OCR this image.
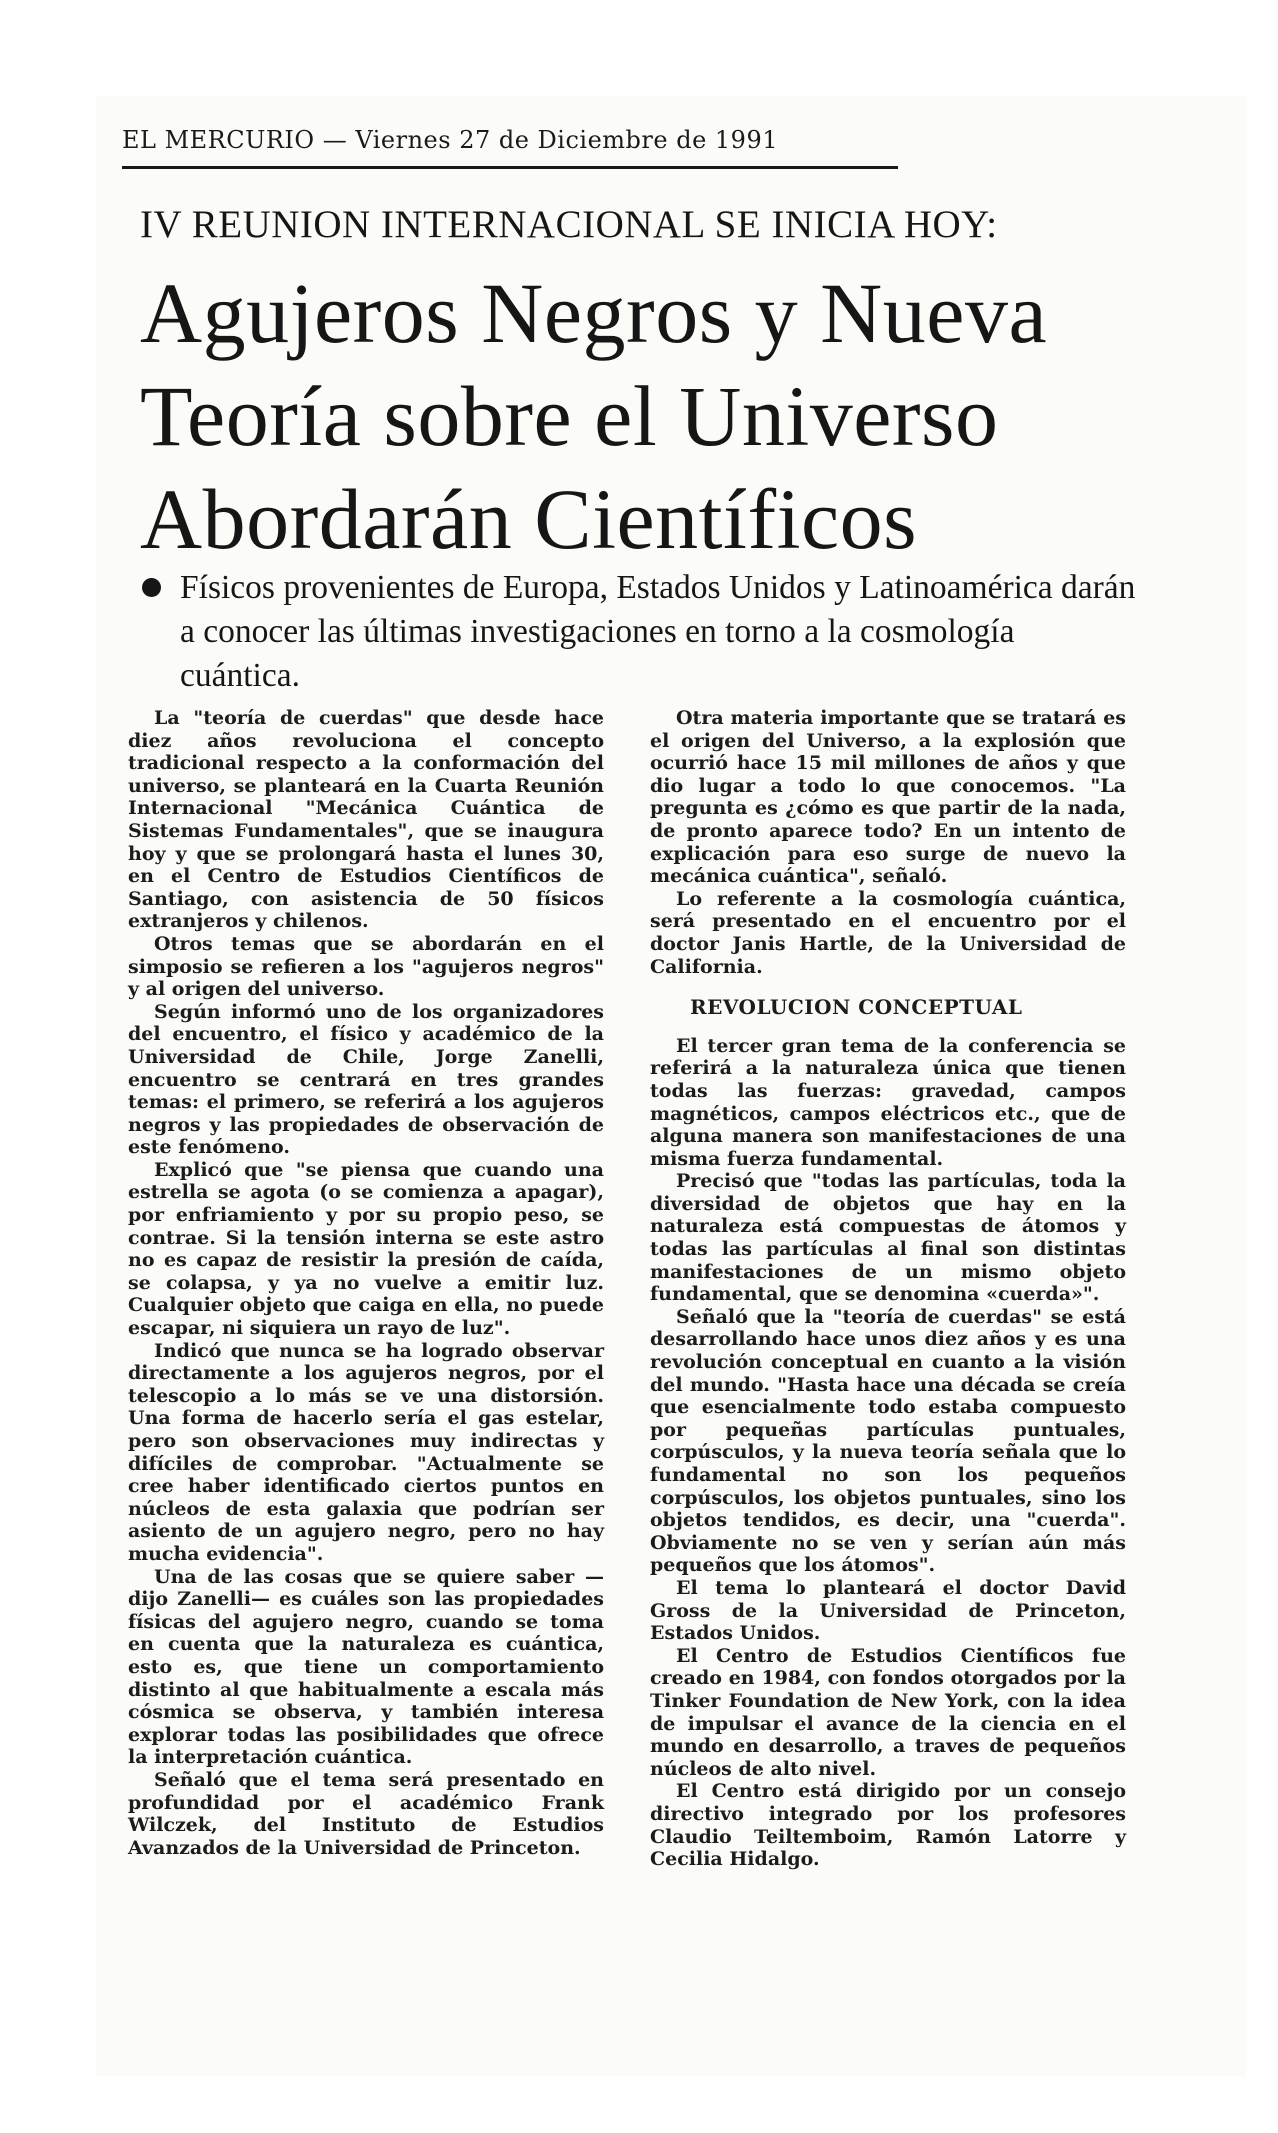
EL MERCURIO — Viernes 27 de Diciembre de 1991
IV REUNION INTERNACIONAL SE INICIA HOY:
Agujeros Negros y Nueva
Teoría sobre el Universo
Abordarán Científicos
Físicos provenientes de Europa, Estados Unidos y Latinoamérica darán a conocer las últimas investigaciones en torno a la cosmología cuántica.

La "teoría de cuerdas" que desde hace diez años revoluciona el concepto tradicional respecto a la conformación del universo, se planteará en la Cuarta Reunión Internacional "Mecánica Cuántica de Sistemas Fundamentales", que se inaugura hoy y que se prolongará hasta el lunes 30, en el Centro de Estudios Científicos de Santiago, con asistencia de 50 físicos extranjeros y chilenos.

Otros temas que se abordarán en el simposio se refieren a los "agujeros negros" y al origen del universo.

Según informó uno de los organizadores del encuentro, el físico y académico de la Universidad de Chile, Jorge Zanelli, encuentro se centrará en tres grandes temas: el primero, se referirá a los agujeros negros y las propiedades de observación de este fenómeno.

Explicó que "se piensa que cuando una estrella se agota (o se comienza a apagar), por enfriamiento y por su propio peso, se contrae. Si la tensión interna se este astro no es capaz de resistir la presión de caída, se colapsa, y ya no vuelve a emitir luz. Cualquier objeto que caiga en ella, no puede escapar, ni siquiera un rayo de luz".

Indicó que nunca se ha logrado observar directamente a los agujeros negros, por el telescopio a lo más se ve una distorsión. Una forma de hacerlo sería el gas estelar, pero son observaciones muy indirectas y difíciles de comprobar. "Actualmente se cree haber identificado ciertos puntos en núcleos de esta galaxia que podrían ser asiento de un agujero negro, pero no hay mucha evidencia".

Una de las cosas que se quiere saber —dijo Zanelli— es cuáles son las propiedades físicas del agujero negro, cuando se toma en cuenta que la naturaleza es cuántica, esto es, que tiene un comportamiento distinto al que habitualmente a escala más cósmica se observa, y también interesa explorar todas las posibilidades que ofrece la interpretación cuántica.

Señaló que el tema será presentado en profundidad por el académico Frank Wilczek, del Instituto de Estudios Avanzados de la Universidad de Princeton.

Otra materia importante que se tratará es el origen del Universo, a la explosión que ocurrió hace 15 mil millones de años y que dio lugar a todo lo que conocemos. "La pregunta es ¿cómo es que partir de la nada, de pronto aparece todo? En un intento de explicación para eso surge de nuevo la mecánica cuántica", señaló.

Lo referente a la cosmología cuántica, será presentado en el encuentro por el doctor Janis Hartle, de la Universidad de California.

REVOLUCION CONCEPTUAL

El tercer gran tema de la conferencia se referirá a la naturaleza única que tienen todas las fuerzas: gravedad, campos magnéticos, campos eléctricos etc., que de alguna manera son manifestaciones de una misma fuerza fundamental.

Precisó que "todas las partículas, toda la diversidad de objetos que hay en la naturaleza está compuestas de átomos y todas las partículas al final son distintas manifestaciones de un mismo objeto fundamental, que se denomina «cuerda»".

Señaló que la "teoría de cuerdas" se está desarrollando hace unos diez años y es una revolución conceptual en cuanto a la visión del mundo. "Hasta hace una década se creía que esencialmente todo estaba compuesto por pequeñas partículas puntuales, corpúsculos, y la nueva teoría señala que lo fundamental no son los pequeños corpúsculos, los objetos puntuales, sino los objetos tendidos, es decir, una "cuerda". Obviamente no se ven y serían aún más pequeños que los átomos".

El tema lo planteará el doctor David Gross de la Universidad de Princeton, Estados Unidos.

El Centro de Estudios Científicos fue creado en 1984, con fondos otorgados por la Tinker Foundation de New York, con la idea de impulsar el avance de la ciencia en el mundo en desarrollo, a traves de pequeños núcleos de alto nivel.

El Centro está dirigido por un consejo directivo integrado por los profesores Claudio Teiltemboim, Ramón Latorre y Cecilia Hidalgo.
